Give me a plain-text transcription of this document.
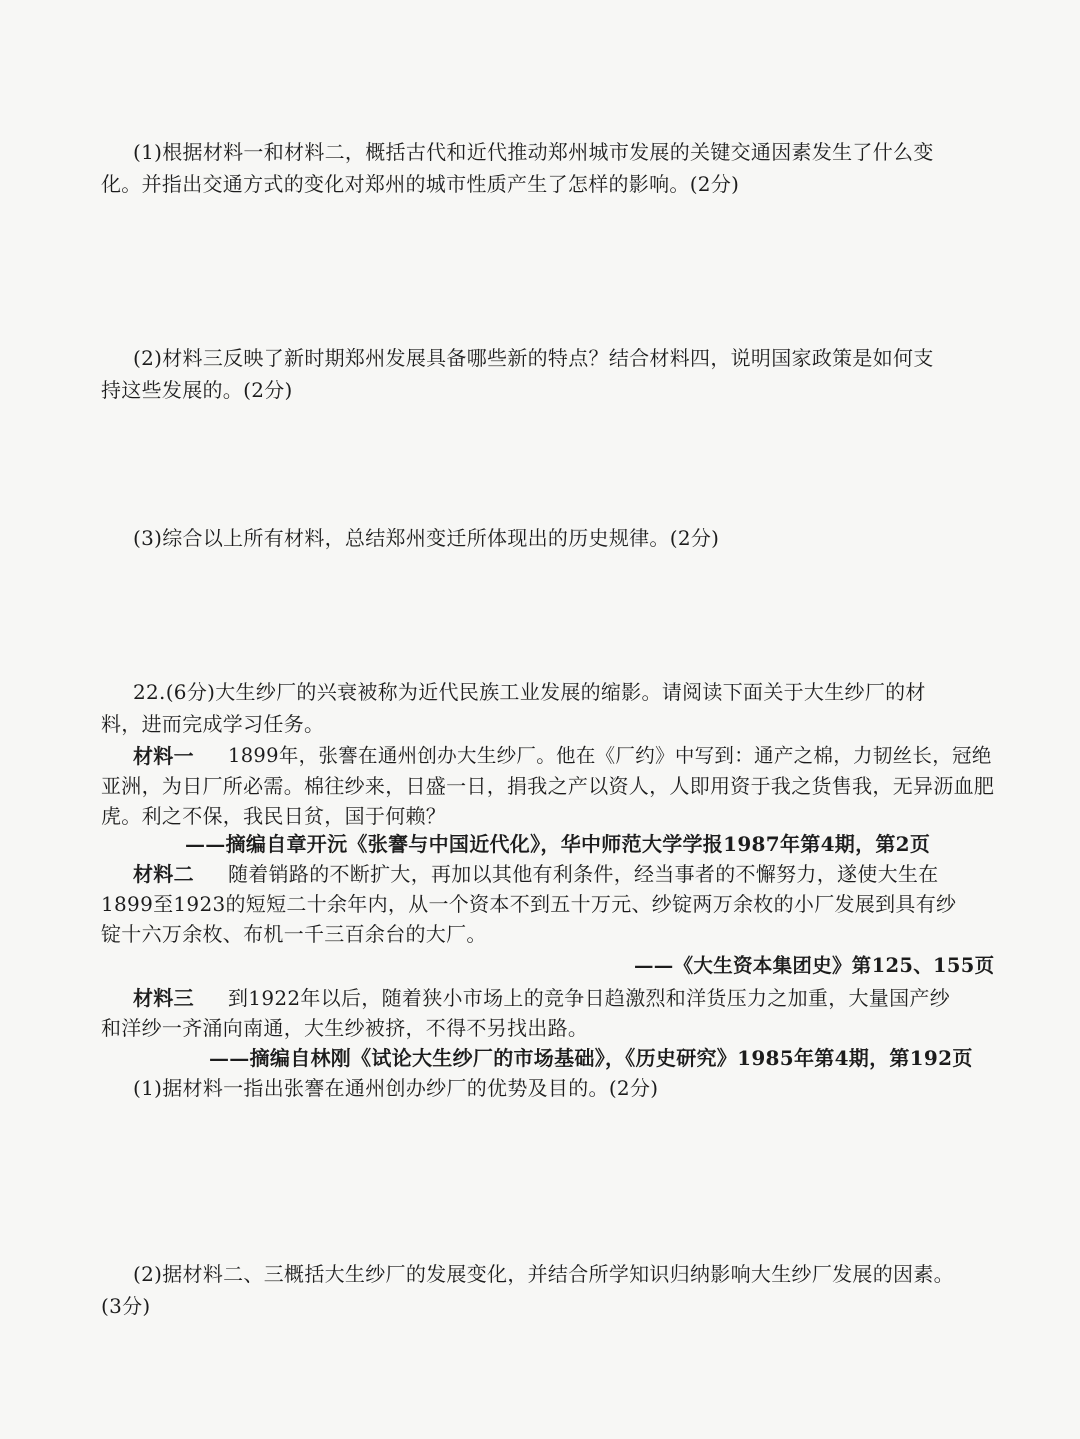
(1)根据材料一和材料二，概括古代和近代推动郑州城市发展的关键交通因素发生了什么变
化。并指出交通方式的变化对郑州的城市性质产生了怎样的影响。(2分)
(2)材料三反映了新时期郑州发展具备哪些新的特点？结合材料四，说明国家政策是如何支
持这些发展的。(2分)
(3)综合以上所有材料，总结郑州变迁所体现出的历史规律。(2分)
22.(6分)大生纱厂的兴衰被称为近代民族工业发展的缩影。请阅读下面关于大生纱厂的材
料，进而完成学习任务。
材料一 1899年，张謇在通州创办大生纱厂。他在《厂约》中写到：通产之棉，力韧丝长，冠绝
亚洲，为日厂所必需。棉往纱来，日盛一日，捐我之产以资人，人即用资于我之货售我，无异沥血肥
虎。利之不保，我民日贫，国于何赖？
——摘编自章开沅《张謇与中国近代化》，华中师范大学学报1987年第4期，第2页
材料二 随着销路的不断扩大，再加以其他有利条件，经当事者的不懈努力，遂使大生在
1899至1923的短短二十余年内，从一个资本不到五十万元、纱锭两万余枚的小厂发展到具有纱
锭十六万余枚、布机一千三百余台的大厂。
——《大生资本集团史》第125、155页
材料三 到1922年以后，随着狭小市场上的竞争日趋激烈和洋货压力之加重，大量国产纱
和洋纱一齐涌向南通，大生纱被挤，不得不另找出路。
——摘编自林刚《试论大生纱厂的市场基础》，《历史研究》1985年第4期，第192页
(1)据材料一指出张謇在通州创办纱厂的优势及目的。(2分)
(2)据材料二、三概括大生纱厂的发展变化，并结合所学知识归纳影响大生纱厂发展的因素。
(3分)
